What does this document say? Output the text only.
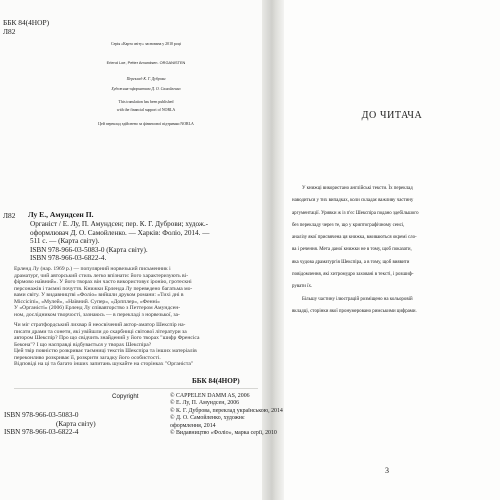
ББК 84(4НОР)
Л82
Серія «Карта світу» заснована у 2010 році
Erlend Loe, Petter Amundsen. ORGANISTEN
Переклад К. Г. Дуброви
Художник-оформлювач Д. О. Самойленко
This translation has been published
with the financial support of NORLA
Цей переклад здійснено за фінансової підтримки NORLA
Л82 Лу Е., Амундсен П.
Органіст / Е. Лу, П. Амундсен; пер. К. Г. Дуброви; худож.-
оформлювач Д. О. Самойленко. — Харків: Фоліо, 2014. —
511 с. — (Карта світу).
ISBN 978-966-03-5083-0 (Карта світу).
ISBN 978-966-03-6822-4.
Ерленд Лу (нар. 1969 р.) — популярний норвезький письменник і
драматург, чий авторський стиль легко впізнати: його характеризують ві-
фірмово наївний». У його творах він часто використовує іронію, гротескні
персонажів і таємні почуття. Книжки Ерленда Лу переведено багатьма мо-
вами світу. У видавництві «Фоліо» вийшли друком романи: «Тихі дні в
Міссісіпі», «Мулей», «Наївний. Супер», «Допплер», «Фенні»
У «Органісті» (2006) Ерленд Лу співавторство з Петтером Амундсен-
ном, дослідником творчості, зазнаюсь — в перекладі з норвезької, за-
Чи міг стратфордський лихвар й неосвічений актор-аматор Шекспір на-
писати драми та сонети, які увійшли до скарбниці світової літератури за
автором Шекспір? Про що свідчить знайдений у його творах "шифр Френсіса
Бекона"? І що насправді відбувається у творах Шекспіра?
Цей твір повністю розкриває таємниці текстів Шекспіра та інших матеріалів
переконливо розкриває її, розкрити загадку його особистості.
Відповіді на ці та багато інших запитань шукайте на сторінках "Органіста"
ББК 84(4НОР)
Copyright	© CAPPELEN DAMM AS, 2006
© Е. Лу, П. Амундсен, 2006
© К. Г. Дуброва, переклад українською, 2014
© Д. О. Самойленко, художнє
оформлення, 2014
© Видавництво «Фоліо», марка серії, 2010
ISBN 978-966-03-5083-0
(Карта світу)
ISBN 978-966-03-6822-4
ДО ЧИТАЧА
У книжці використано англійські тексти. Їх переклад
наводиться у тих випадках, коли складає важливу частину
аргументації. Уривки ж із п'єс Шекспіра подано здебільшого
без перекладу через те, що у криптографічному сенсі,
аналізу якої присвячена ця книжка, вживаються окремі сло-
ва і речення. Мета даної книжки не в тому, щоб показати,
яка чудова драматургія Шекспіра, а в тому, щоб виявити
повідомлення, які хитромудро заховані в тексті, і розшиф-
рувати їх.
Більшу частину ілюстрацій розміщено на кольоровій
вкладці, сторінки якої пронумеровано римськими цифрами.
3
